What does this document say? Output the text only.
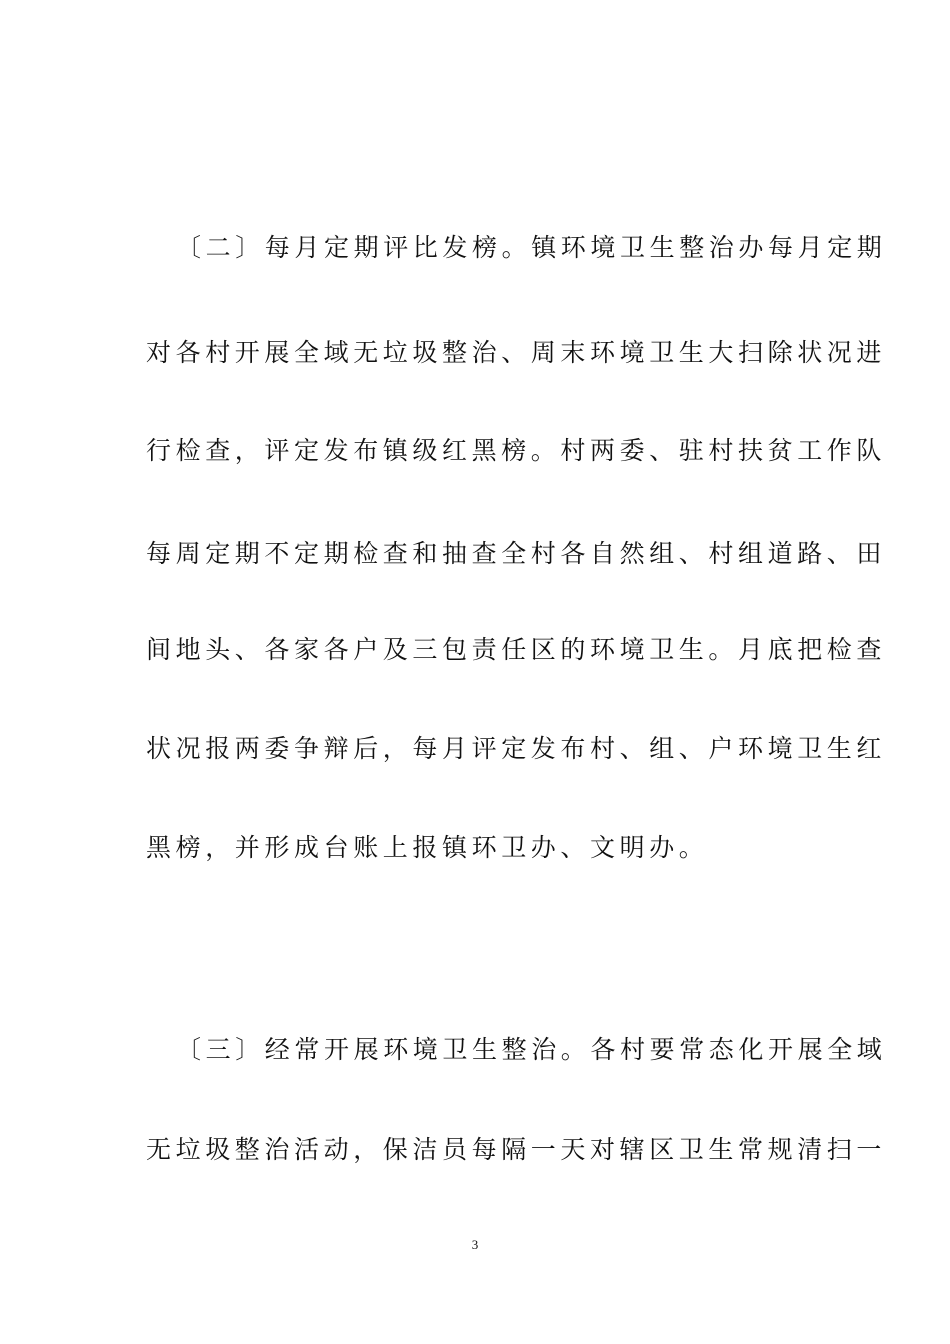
〔二〕每月定期评比发榜。镇环境卫生整治办每月定期
对各村开展全域无垃圾整治、周末环境卫生大扫除状况进
行检查，评定发布镇级红黑榜。村两委、驻村扶贫工作队
每周定期不定期检查和抽查全村各自然组、村组道路、田
间地头、各家各户及三包责任区的环境卫生。月底把检查
状况报两委争辩后，每月评定发布村、组、户环境卫生红
黑榜，并形成台账上报镇环卫办、文明办。
〔三〕经常开展环境卫生整治。各村要常态化开展全域
无垃圾整治活动，保洁员每隔一天对辖区卫生常规清扫一
3
